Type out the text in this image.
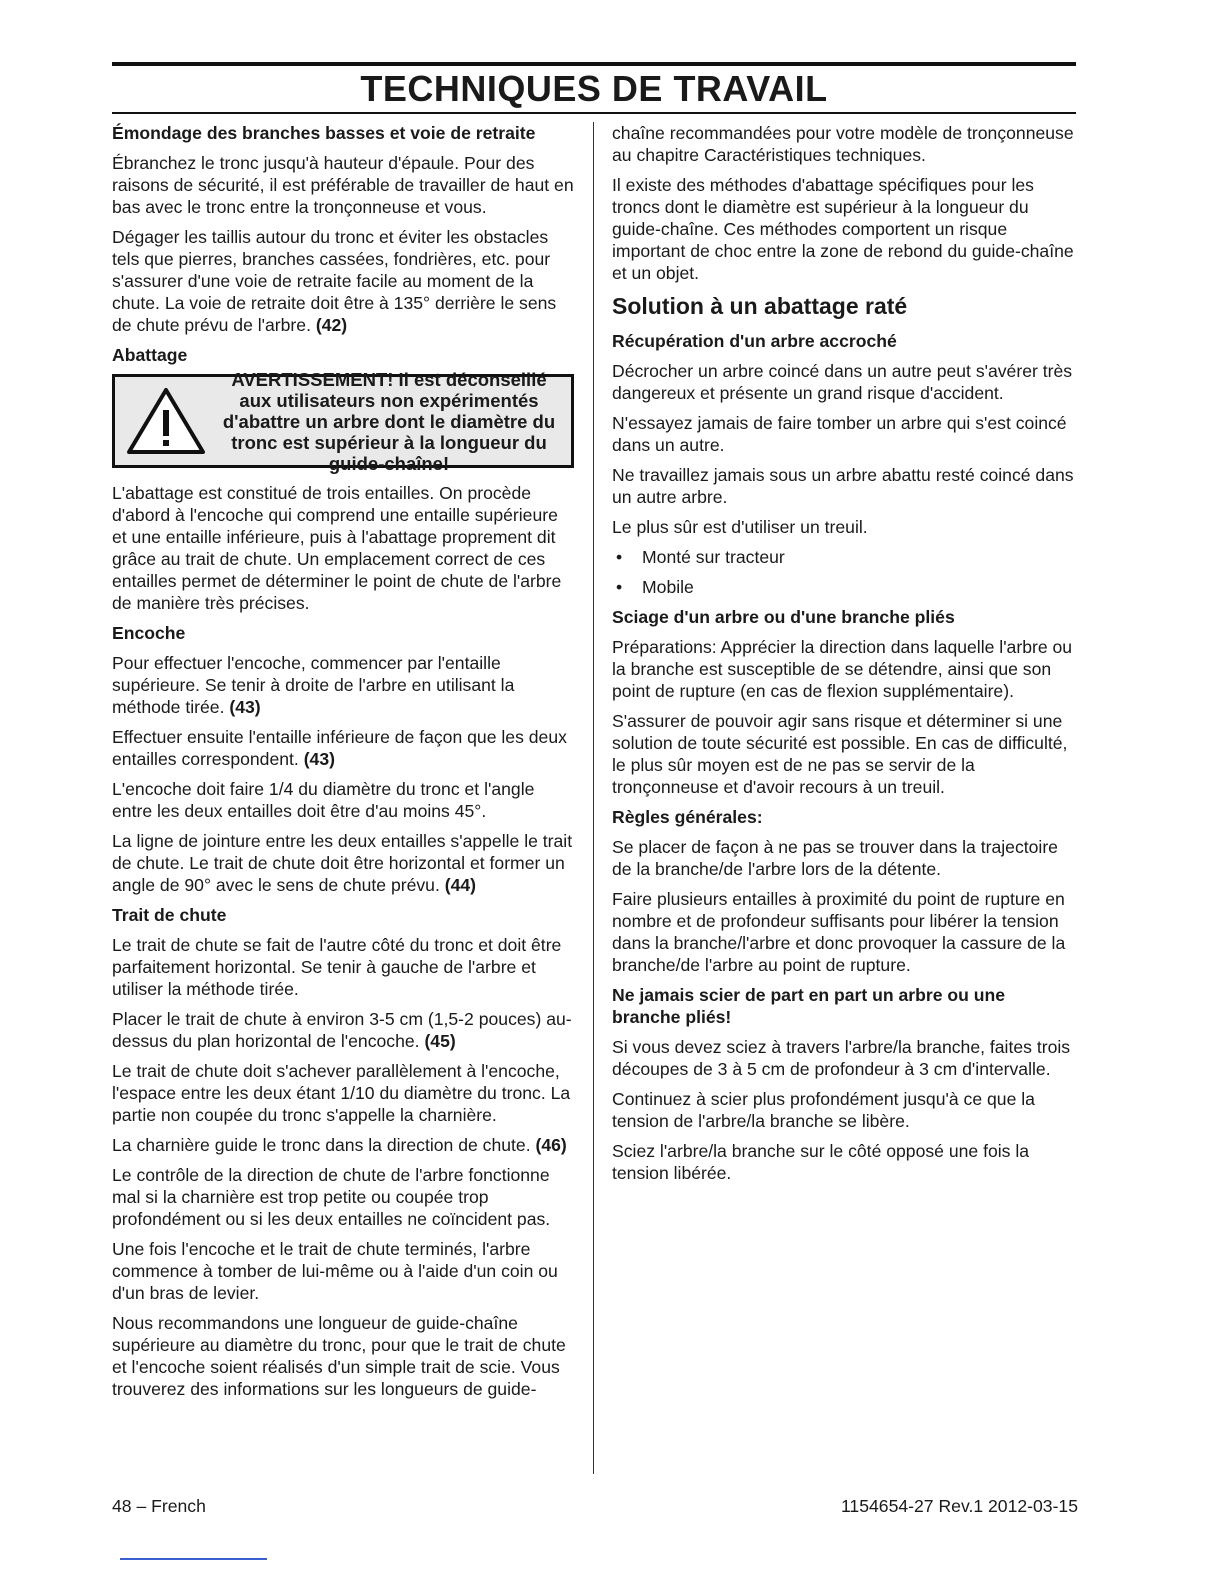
TECHNIQUES DE TRAVAIL
Émondage des branches basses et voie de retraite

Ébranchez le tronc jusqu'à hauteur d'épaule. Pour des raisons de sécurité, il est préférable de travailler de haut en bas avec le tronc entre la tronçonneuse et vous.

Dégager les taillis autour du tronc et éviter les obstacles tels que pierres, branches cassées, fondrières, etc. pour s'assurer d'une voie de retraite facile au moment de la chute. La voie de retraite doit être à 135° derrière le sens de chute prévu de l'arbre. (42)

Abattage
AVERTISSEMENT! Il est déconseillé aux utilisateurs non expérimentés d'abattre un arbre dont le diamètre du tronc est supérieur à la longueur du guide-chaîne!

L'abattage est constitué de trois entailles. On procède d'abord à l'encoche qui comprend une entaille supérieure et une entaille inférieure, puis à l'abattage proprement dit grâce au trait de chute. Un emplacement correct de ces entailles permet de déterminer le point de chute de l'arbre de manière très précises.

Encoche

Pour effectuer l'encoche, commencer par l'entaille supérieure. Se tenir à droite de l'arbre en utilisant la méthode tirée. (43)

Effectuer ensuite l'entaille inférieure de façon que les deux entailles correspondent. (43)

L'encoche doit faire 1/4 du diamètre du tronc et l'angle entre les deux entailles doit être d'au moins 45°.

La ligne de jointure entre les deux entailles s'appelle le trait de chute. Le trait de chute doit être horizontal et former un angle de 90° avec le sens de chute prévu. (44)

Trait de chute

Le trait de chute se fait de l'autre côté du tronc et doit être parfaitement horizontal. Se tenir à gauche de l'arbre et utiliser la méthode tirée.

Placer le trait de chute à environ 3-5 cm (1,5-2 pouces) au-dessus du plan horizontal de l'encoche. (45)

Le trait de chute doit s'achever parallèlement à l'encoche, l'espace entre les deux étant 1/10 du diamètre du tronc. La partie non coupée du tronc s'appelle la charnière.

La charnière guide le tronc dans la direction de chute. (46)

Le contrôle de la direction de chute de l'arbre fonctionne mal si la charnière est trop petite ou coupée trop profondément ou si les deux entailles ne coïncident pas.

Une fois l'encoche et le trait de chute terminés, l'arbre commence à tomber de lui-même ou à l'aide d'un coin ou d'un bras de levier.

Nous recommandons une longueur de guide-chaîne supérieure au diamètre du tronc, pour que le trait de chute et l'encoche soient réalisés d'un simple trait de scie. Vous trouverez des informations sur les longueurs de guide-

chaîne recommandées pour votre modèle de tronçonneuse au chapitre Caractéristiques techniques.

Il existe des méthodes d'abattage spécifiques pour les troncs dont le diamètre est supérieur à la longueur du guide-chaîne. Ces méthodes comportent un risque important de choc entre la zone de rebond du guide-chaîne et un objet.

Solution à un abattage raté
Récupération d'un arbre accroché

Décrocher un arbre coincé dans un autre peut s'avérer très dangereux et présente un grand risque d'accident.

N'essayez jamais de faire tomber un arbre qui s'est coincé dans un autre.

Ne travaillez jamais sous un arbre abattu resté coincé dans un autre arbre.

Le plus sûr est d'utiliser un treuil.

• Monté sur tracteur
• Mobile
Sciage d'un arbre ou d'une branche pliés

Préparations: Apprécier la direction dans laquelle l'arbre ou la branche est susceptible de se détendre, ainsi que son point de rupture (en cas de flexion supplémentaire).

S'assurer de pouvoir agir sans risque et déterminer si une solution de toute sécurité est possible. En cas de difficulté, le plus sûr moyen est de ne pas se servir de la tronçonneuse et d'avoir recours à un treuil.

Règles générales:

Se placer de façon à ne pas se trouver dans la trajectoire de la branche/de l'arbre lors de la détente.

Faire plusieurs entailles à proximité du point de rupture en nombre et de profondeur suffisants pour libérer la tension dans la branche/l'arbre et donc provoquer la cassure de la branche/de l'arbre au point de rupture.

Ne jamais scier de part en part un arbre ou une branche pliés!

Si vous devez sciez à travers l'arbre/la branche, faites trois découpes de 3 à 5 cm de profondeur à 3 cm d'intervalle.

Continuez à scier plus profondément jusqu'à ce que la tension de l'arbre/la branche se libère.

Sciez l'arbre/la branche sur le côté opposé une fois la tension libérée.

48 – French	1154654-27 Rev.1 2012-03-15
